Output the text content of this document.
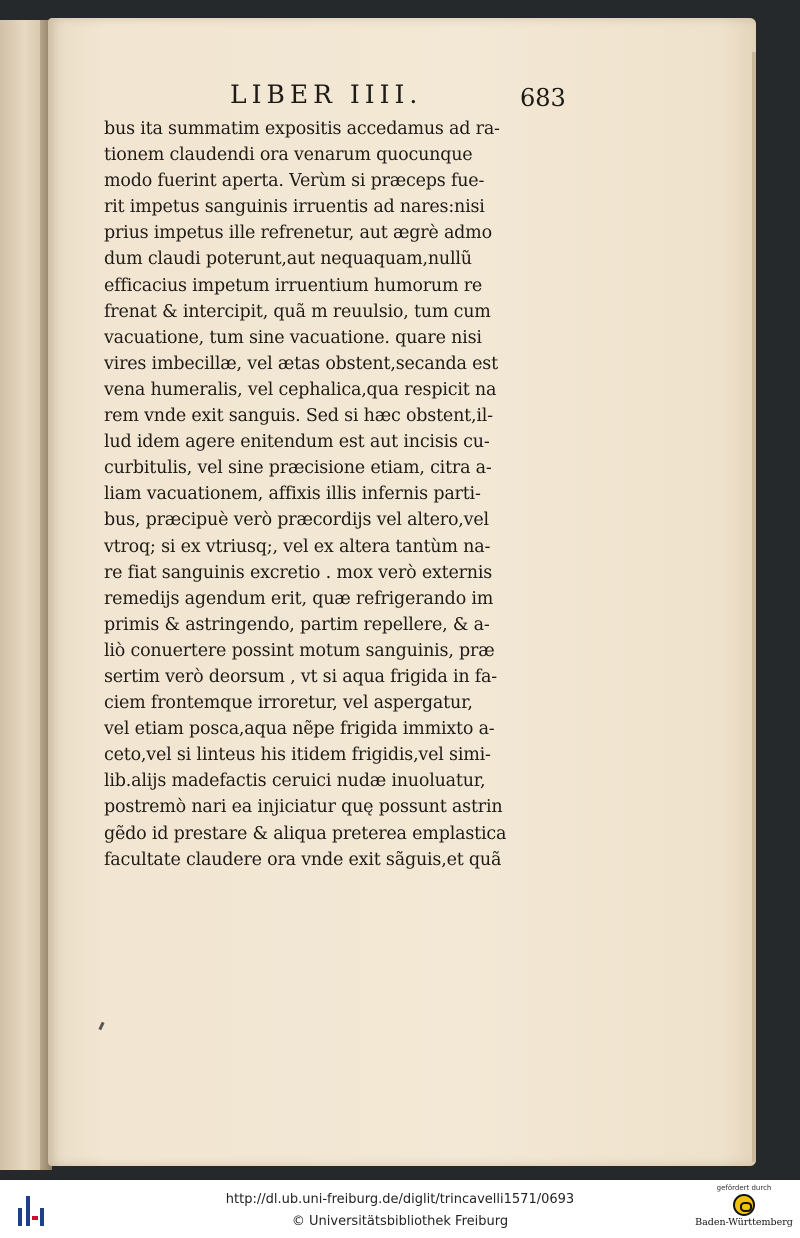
LIBER IIII.	683
bus ita summatim expositis accedamus ad ra-
tionem claudendi ora venarum quocunque
modo fuerint aperta. Verùm si præceps fue-
rit impetus sanguinis irruentis ad nares:nisi
prius impetus ille refrenetur, aut ægrè admo
dum claudi poterunt,aut nequaquam,nullũ
efficacius impetum irruentium humorum re
frenat & intercipit, quã m reuulsio, tum cum
vacuatione, tum sine vacuatione. quare nisi
vires imbecillæ, vel ætas obstent,secanda est
vena humeralis, vel cephalica,qua respicit na
rem vnde exit sanguis. Sed si hæc obstent,il-
lud idem agere enitendum est aut incisis cu-
curbitulis, vel sine præcisione etiam, citra a-
liam vacuationem, affixis illis infernis parti-
bus, præcipuè verò præcordijs vel altero,vel
vtroq; si ex vtriusq;, vel ex altera tantùm na-
re fiat sanguinis excretio . mox verò externis
remedijs agendum erit, quæ refrigerando im
primis & astringendo, partim repellere, & a-
liò conuertere possint motum sanguinis, præ
sertim verò deorsum , vt si aqua frigida in fa-
ciem frontemque irroretur, vel aspergatur,
vel etiam posca,aqua nẽpe frigida immixto a-
ceto,vel si linteus his itidem frigidis,vel simi-
lib.alijs madefactis ceruici nudæ inuoluatur,
postremò nari ea injiciatur quę possunt astrin
gẽdo id prestare & aliqua preterea emplastica
facultate claudere ora vnde exit sãguis,et quã
http://dl.ub.uni-freiburg.de/diglit/trincavelli1571/0693
© Universitätsbibliothek Freiburg
gefördert durch
Baden-Württemberg
